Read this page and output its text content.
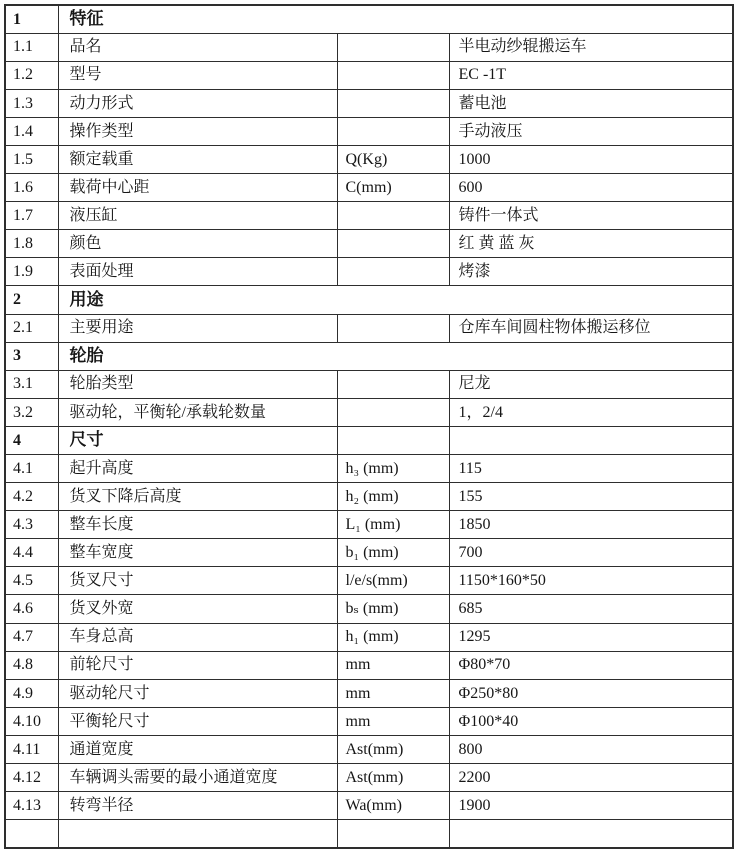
1	特征		
1.1	品名		半电动纱辊搬运车
1.2	型号		EC -1T
1.3	动力形式		蓄电池
1.4	操作类型		手动液压
1.5	额定载重	Q(Kg)	1000
1.6	载荷中心距	C(mm)	600
1.7	液压缸		铸件一体式
1.8	颜色		红 黄 蓝 灰
1.9	表面处理		烤漆
2	用途		
2.1	主要用途		仓库车间圆柱物体搬运移位
3	轮胎		
3.1	轮胎类型		尼龙
3.2	驱动轮，平衡轮/承载轮数量		1，2/4
4	尺寸		
4.1	起升高度	h₃ (mm)	115
4.2	货叉下降后高度	h₂ (mm)	155
4.3	整车长度	L₁ (mm)	1850
4.4	整车宽度	b₁ (mm)	700
4.5	货叉尺寸	l/e/s(mm)	1150*160*50
4.6	货叉外宽	bₛ (mm)	685
4.7	车身总高	h₁ (mm)	1295
4.8	前轮尺寸	mm	Φ80*70
4.9	驱动轮尺寸	mm	Φ250*80
4.10	平衡轮尺寸	mm	Φ100*40
4.11	通道宽度	Ast(mm)	800
4.12	车辆调头需要的最小通道宽度	Ast(mm)	2200
4.13	转弯半径	Wa(mm)	1900
